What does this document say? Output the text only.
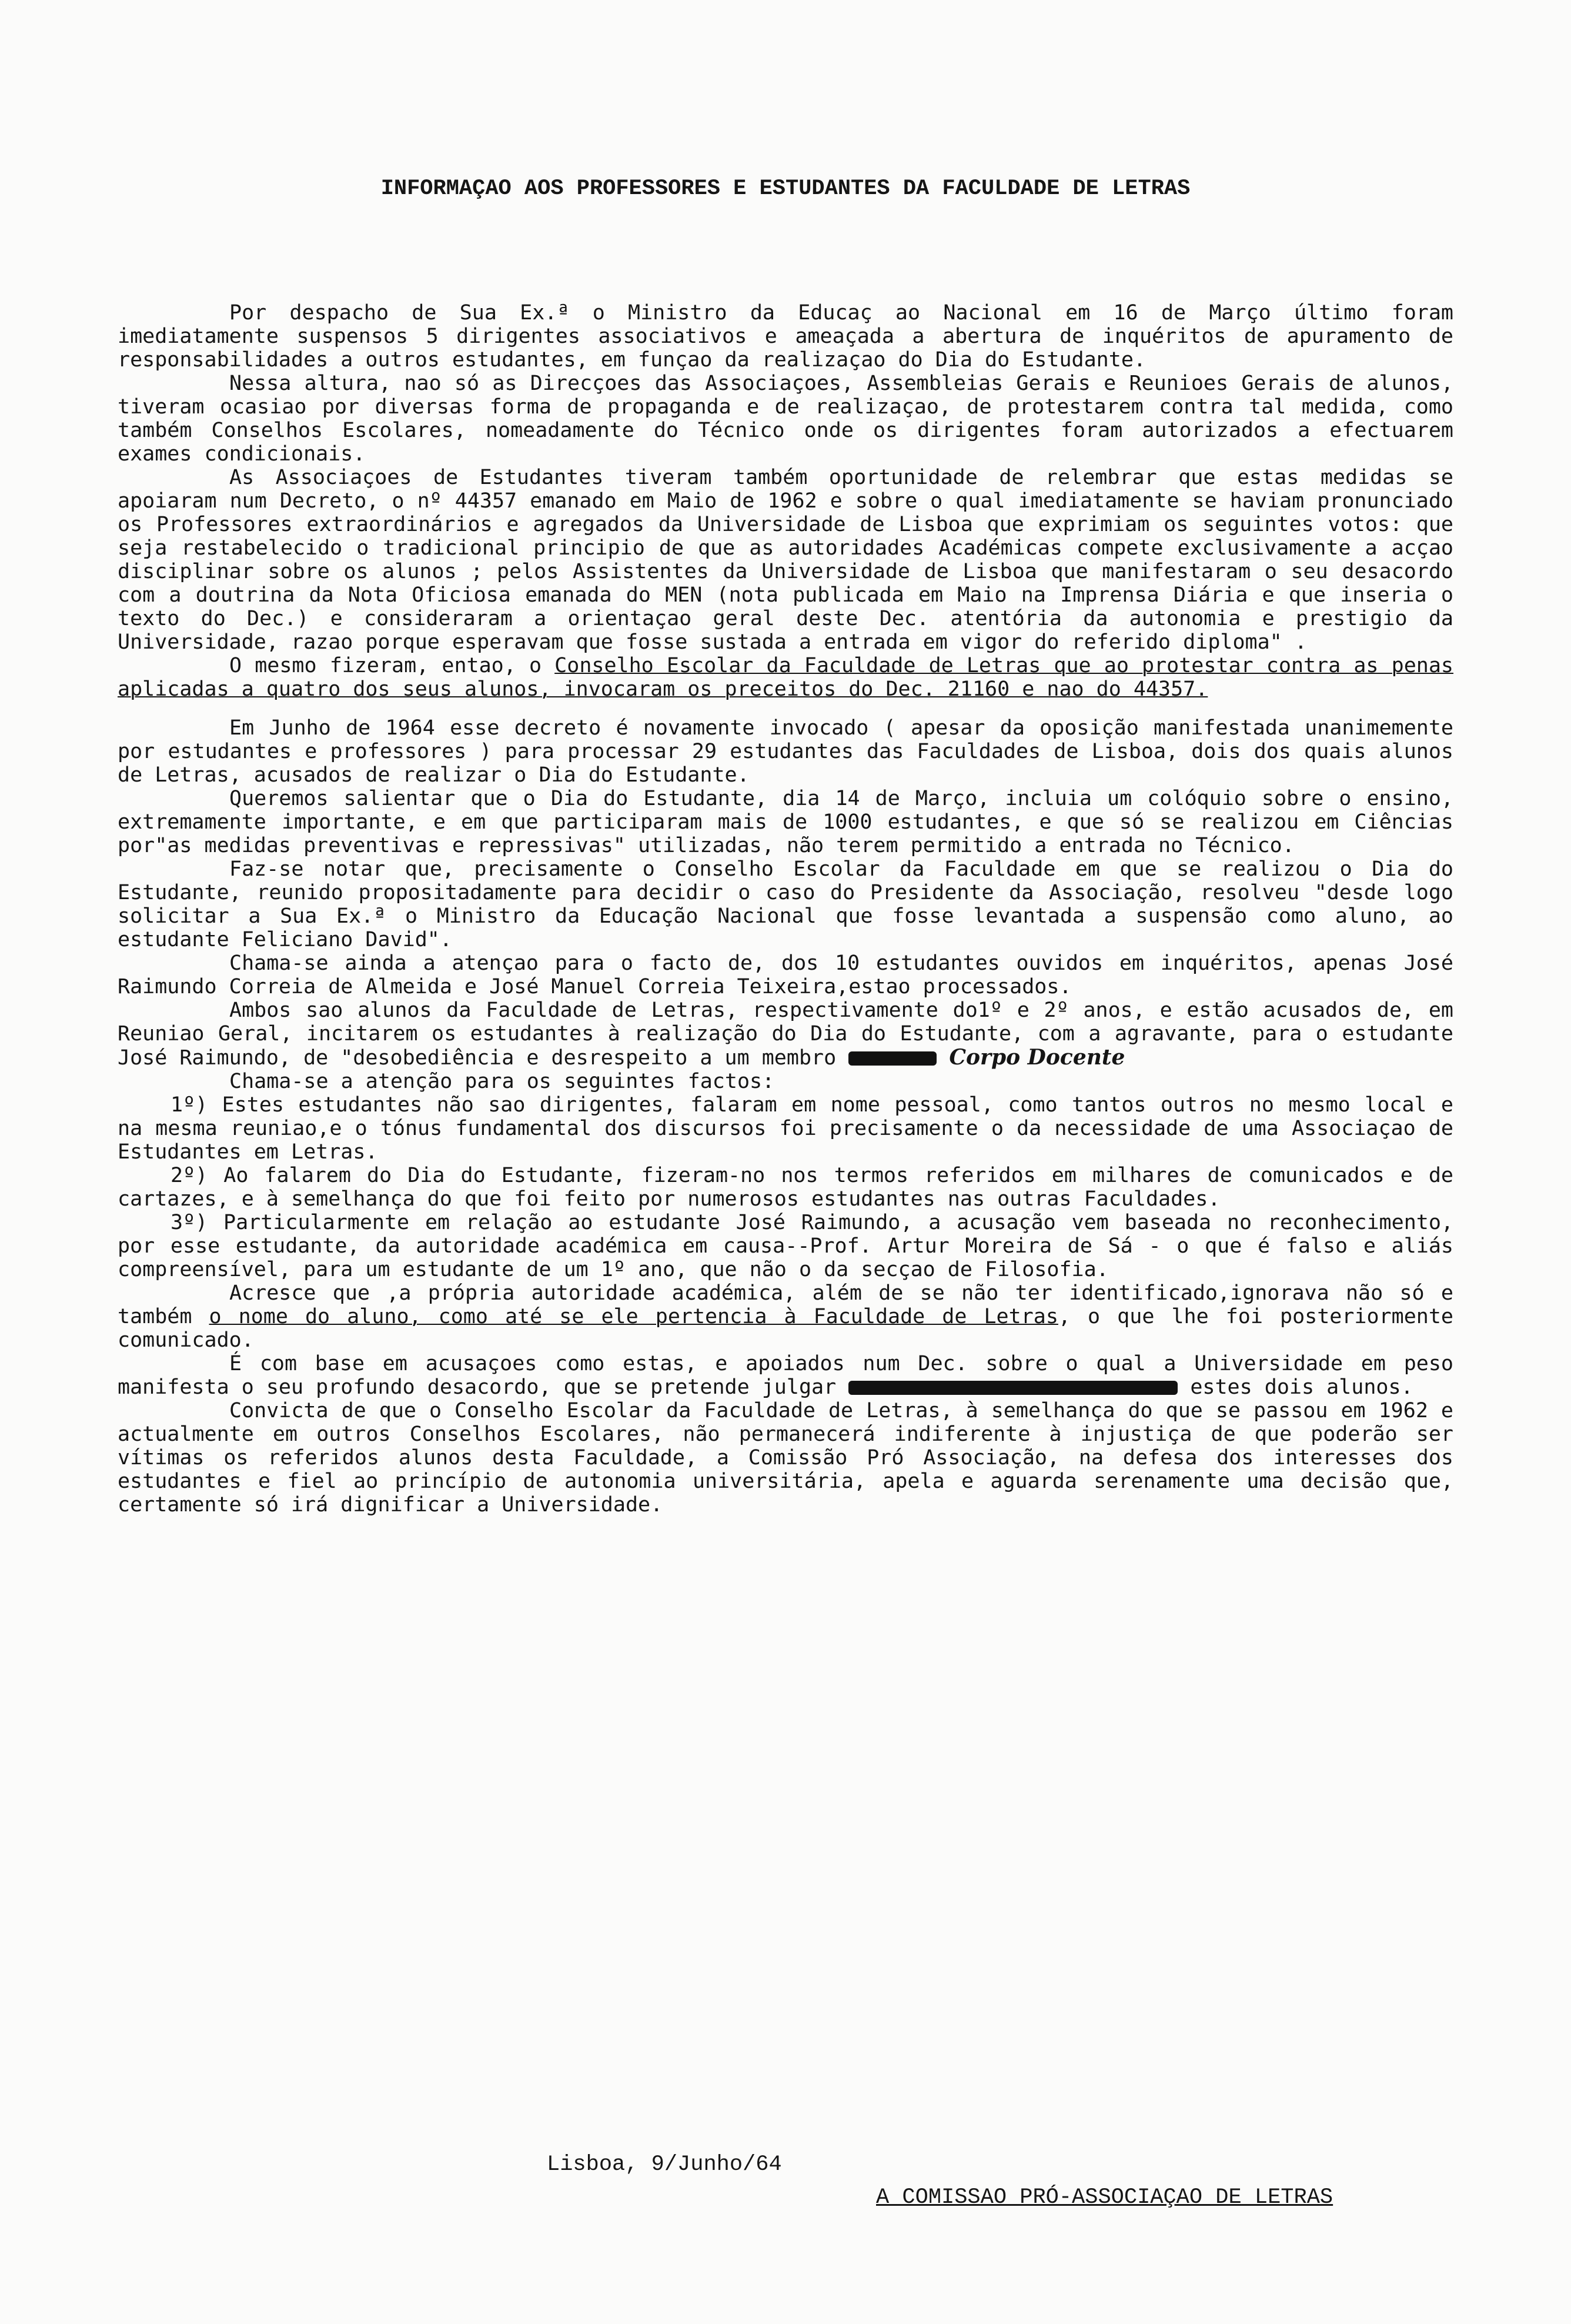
INFORMAÇAO AOS PROFESSORES E ESTUDANTES DA FACULDADE DE LETRAS

Por despacho de Sua Ex.ª o Ministro da Educaç ao Nacional em 16 de Março último foram imediatamente suspensos 5 dirigentes associativos e ameaçada a abertura de inquéritos de apuramento de responsabilidades a outros estudantes, em funçao da realizaçao do Dia do Estudante.

Nessa altura, nao só as Direcçoes das Associaçoes, Assembleias Gerais e Reunioes Gerais de alunos, tiveram ocasiao por diversas forma de propaganda e de realizaçao, de protestarem contra tal medida, como também Conselhos Escolares, nomeadamente do Técnico onde os dirigentes foram autorizados a efectuarem exames condicionais.

As Associaçoes de Estudantes tiveram também oportunidade de relembrar que estas medidas se apoiaram num Decreto, o nº 44357 emanado em Maio de 1962 e sobre o qual imediatamente se haviam pronunciado os Professores extraordinários e agregados da Universidade de Lisboa que exprimiam os seguintes votos: que seja restabelecido o tradicional principio de que as autoridades Académicas compete exclusivamente a acçao disciplinar sobre os alunos ; pelos Assistentes da Universidade de Lisboa que manifestaram o seu desacordo com a doutrina da Nota Oficiosa emanada do MEN (nota publicada em Maio na Imprensa Diária e que inseria o texto do Dec.) e consideraram a orientaçao geral deste Dec. atentória da autonomia e prestigio da Universidade, razao porque esperavam que fosse sustada a entrada em vigor do referido diploma" .

O mesmo fizeram, entao, o Conselho Escolar da Faculdade de Letras que ao protestar contra as penas aplicadas a quatro dos seus alunos, invocaram os preceitos do Dec. 21160 e nao do 44357.

Em Junho de 1964 esse decreto é novamente invocado ( apesar da oposição manifestada unanimemente por estudantes e professores ) para processar 29 estudantes das Faculdades de Lisboa, dois dos quais alunos de Letras, acusados de realizar o Dia do Estudante.

Queremos salientar que o Dia do Estudante, dia 14 de Março, incluia um colóquio sobre o ensino, extremamente importante, e em que participaram mais de 1000 estudantes, e que só se realizou em Ciências por"as medidas preventivas e repressivas" utilizadas, não terem permitido a entrada no Técnico.

Faz-se notar que, precisamente o Conselho Escolar da Faculdade em que se realizou o Dia do Estudante, reunido propositadamente para decidir o caso do Presidente da Associação, resolveu "desde logo solicitar a Sua Ex.ª o Ministro da Educação Nacional que fosse levantada a suspensão como aluno, ao estudante Feliciano David".

Chama-se ainda a atençao para o facto de, dos 10 estudantes ouvidos em inquéritos, apenas José Raimundo Correia de Almeida e José Manuel Correia Teixeira,estao processados.

Ambos sao alunos da Faculdade de Letras, respectivamente do1º e 2º anos, e estão acusados de, em Reuniao Geral, incitarem os estudantes à realização do Dia do Estudante, com a agravante, para o estudante José Raimundo, de "desobediência e desrespeito a um membro	Corpo Docente

Chama-se a atenção para os seguintes factos:

1º) Estes estudantes não sao dirigentes, falaram em nome pessoal, como tantos outros no mesmo local e na mesma reuniao,e o tónus fundamental dos discursos foi precisamente o da necessidade de uma Associaçao de Estudantes em Letras.

2º) Ao falarem do Dia do Estudante, fizeram-no nos termos referidos em milhares de comunicados e de cartazes, e à semelhança do que foi feito por numerosos estudantes nas outras Faculdades.

3º) Particularmente em relação ao estudante José Raimundo, a acusação vem baseada no reconhecimento, por esse estudante, da autoridade académica em causa--Prof. Artur Moreira de Sá - o que é falso e aliás compreensível, para um estudante de um 1º ano, que não o da secçao de Filosofia.

Acresce que ,a própria autoridade académica, além de se não ter identificado,ignorava não só e também o nome do aluno, como até se ele pertencia à Faculdade de Letras, o que lhe foi posteriormente comunicado.

É com base em acusaçoes como estas, e apoiados num Dec. sobre o qual a Universidade em peso manifesta o seu profundo desacordo, que se pretende julgar	estes dois alunos.

Convicta de que o Conselho Escolar da Faculdade de Letras, à semelhança do que se passou em 1962 e actualmente em outros Conselhos Escolares, não permanecerá indiferente à injustiça de que poderão ser vítimas os referidos alunos desta Faculdade, a Comissão Pró Associação, na defesa dos interesses dos estudantes e fiel ao princípio de autonomia universitária, apela e aguarda serenamente uma decisão que, certamente só irá dignificar a Universidade.

Lisboa, 9/Junho/64
A COMISSAO PRÓ-ASSOCIAÇAO DE LETRAS
